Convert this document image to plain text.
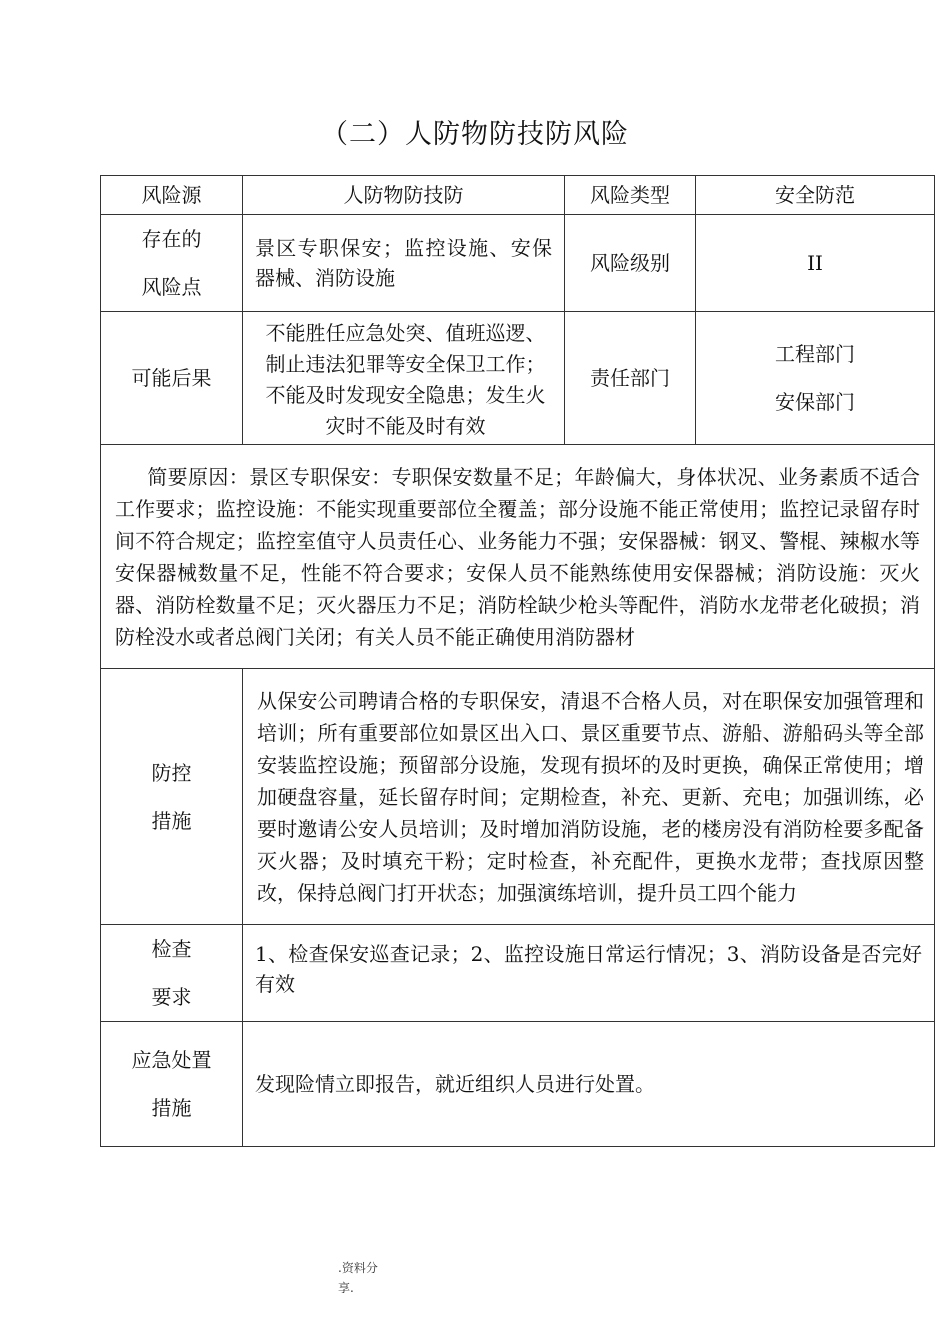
（二）人防物防技防风险
风险源	人防物防技防	风险类型	安全防范

存在的
风险点	景区专职保安；监控设施、安保器械、消防设施	风险级别	II
可能后果	不能胜任应急处突、值班巡逻、制止违法犯罪等安全保卫工作；不能及时发现安全隐患；发生火灾时不能及时有效	责任部门	工程部门
安保部门

简要原因：景区专职保安：专职保安数量不足；年龄偏大，身体状况、业务素质不适合工作要求；监控设施：不能实现重要部位全覆盖；部分设施不能正常使用；监控记录留存时间不符合规定；监控室值守人员责任心、业务能力不强；安保器械：钢叉、警棍、辣椒水等安保器械数量不足，性能不符合要求；安保人员不能熟练使用安保器械；消防设施：灭火器、消防栓数量不足；灭火器压力不足；消防栓缺少枪头等配件，消防水龙带老化破损；消防栓没水或者总阀门关闭；有关人员不能正确使用消防器材			

防控
措施	从保安公司聘请合格的专职保安，清退不合格人员，对在职保安加强管理和培训；所有重要部位如景区出入口、景区重要节点、游船、游船码头等全部安装监控设施；预留部分设施，发现有损坏的及时更换，确保正常使用；增加硬盘容量，延长留存时间；定期检查，补充、更新、充电；加强训练，必要时邀请公安人员培训；及时增加消防设施，老的楼房没有消防栓要多配备灭火器；及时填充干粉；定时检查，补充配件，更换水龙带；查找原因整改，保持总阀门打开状态；加强演练培训，提升员工四个能力		

检查
要求	1、检查保安巡查记录；2、监控设施日常运行情况；3、消防设备是否完好有效		

应急处置
措施	发现险情立即报告，就近组织人员进行处置。		
.资料分
享.
